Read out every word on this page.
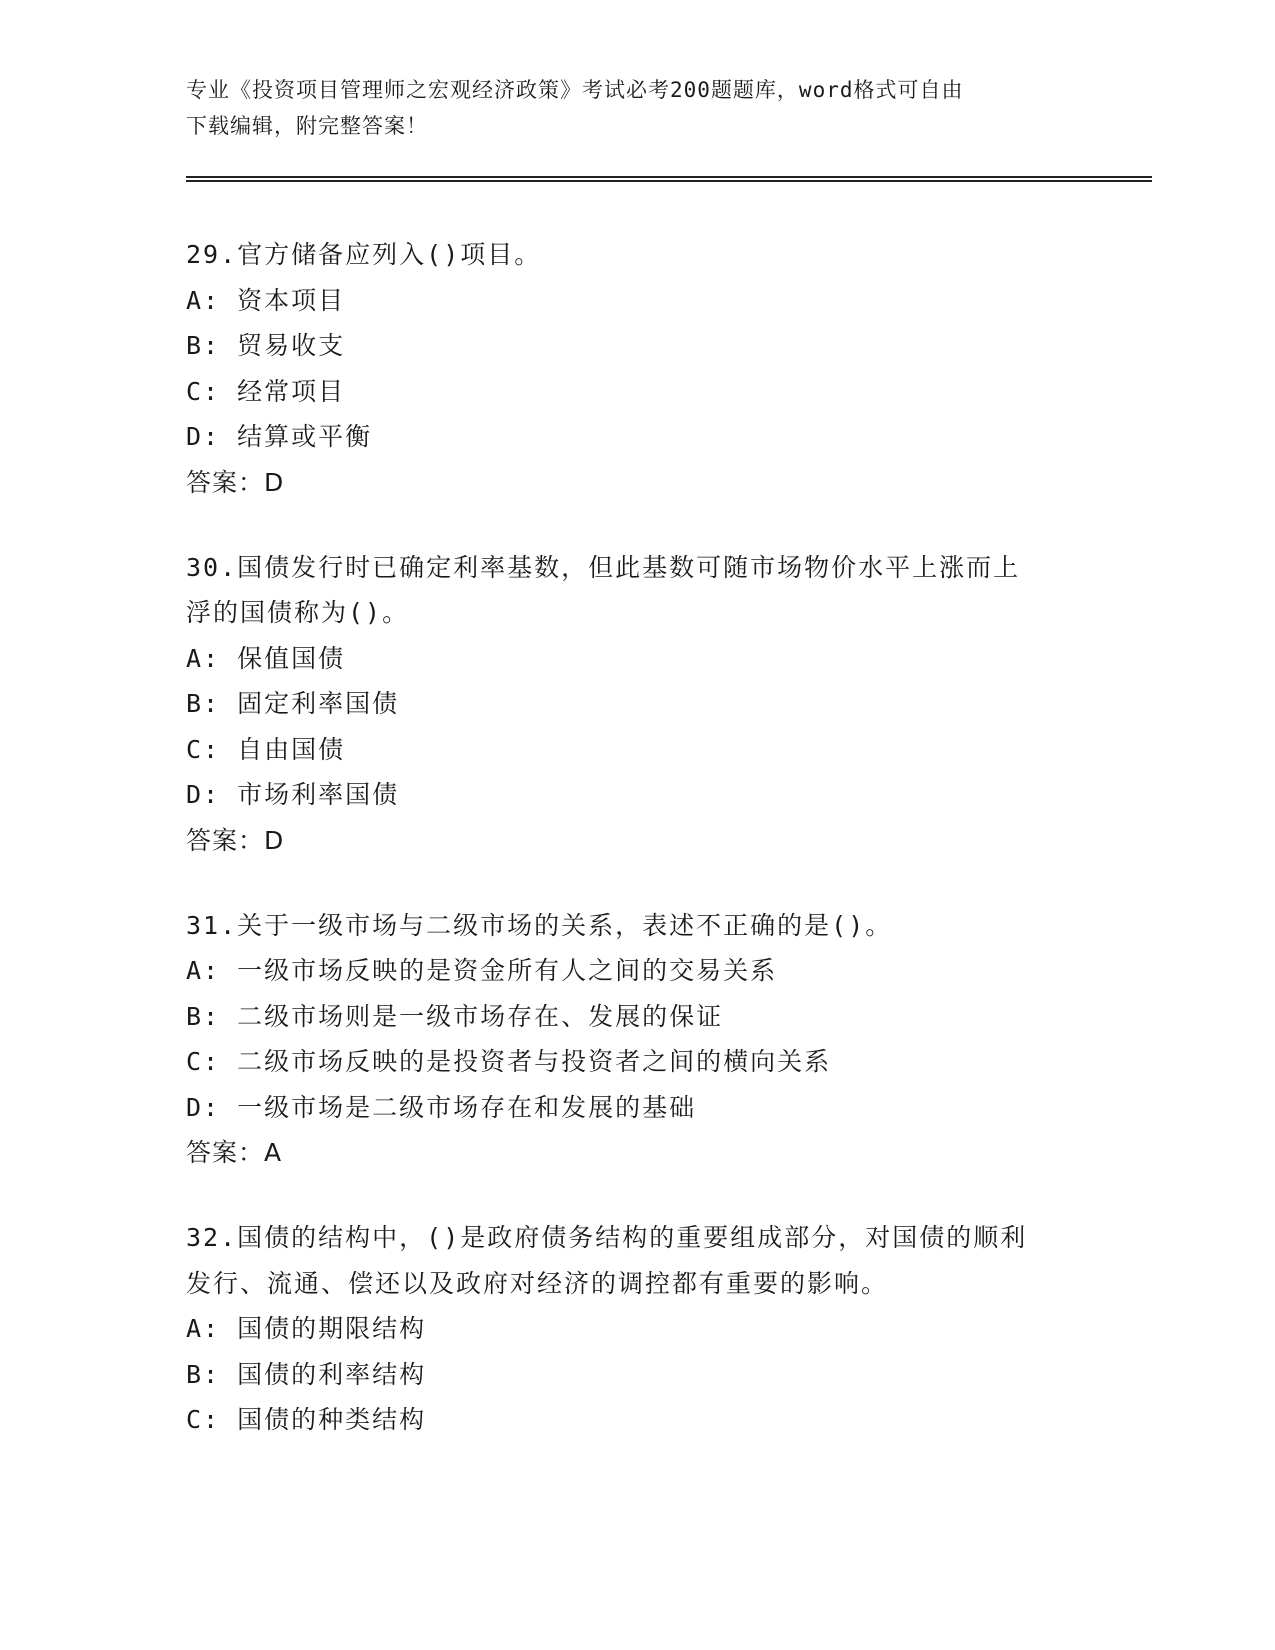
专业《投资项目管理师之宏观经济政策》考试必考200题题库，word格式可自由
下载编辑，附完整答案！
29.官方储备应列入()项目。
A: 资本项目
B: 贸易收支
C: 经常项目
D: 结算或平衡
答案：D
30.国债发行时已确定利率基数，但此基数可随市场物价水平上涨而上
浮的国债称为()。
A: 保值国债
B: 固定利率国债
C: 自由国债
D: 市场利率国债
答案：D
31.关于一级市场与二级市场的关系，表述不正确的是()。
A: 一级市场反映的是资金所有人之间的交易关系
B: 二级市场则是一级市场存在、发展的保证
C: 二级市场反映的是投资者与投资者之间的横向关系
D: 一级市场是二级市场存在和发展的基础
答案：A
32.国债的结构中，()是政府债务结构的重要组成部分，对国债的顺利
发行、流通、偿还以及政府对经济的调控都有重要的影响。
A: 国债的期限结构
B: 国债的利率结构
C: 国债的种类结构
